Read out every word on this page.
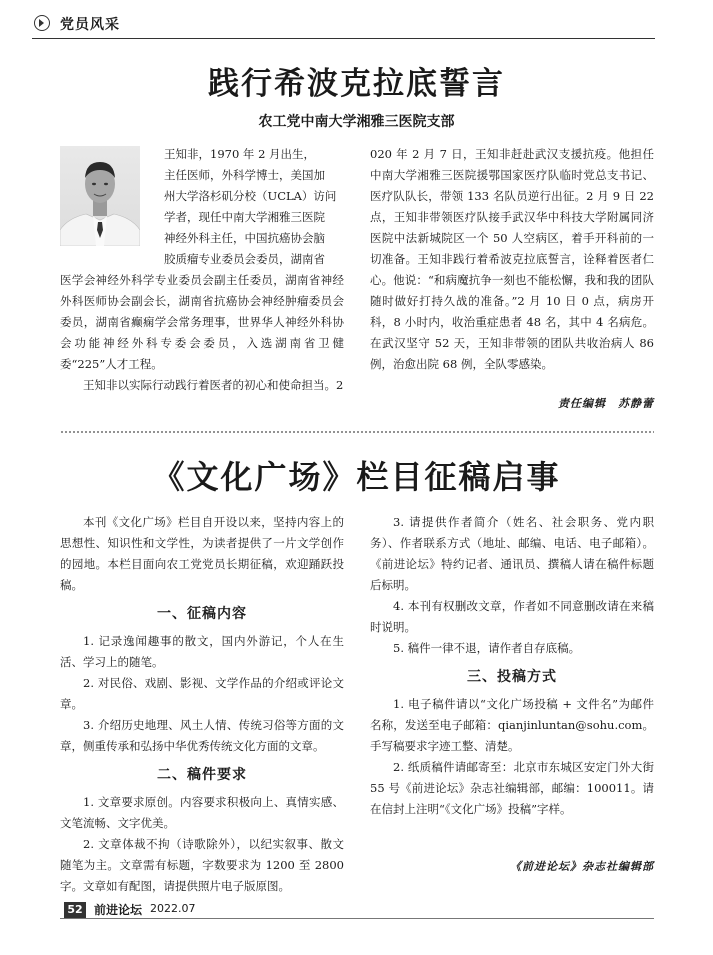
党员风采
践行希波克拉底誓言
农工党中南大学湘雅三医院支部
王知非，1970 年 2 月出生，
主任医师，外科学博士，美国加
州大学洛杉矶分校（UCLA）访问
学者，现任中南大学湘雅三医院
神经外科主任，中国抗癌协会脑
胶质瘤专业委员会委员，湖南省

医学会神经外科学专业委员会副主任委员，湖南省神经外科医师协会副会长，湖南省抗癌协会神经肿瘤委员会委员，湖南省癫痫学会常务理事，世界华人神经外科协会功能神经外科专委会委员，入选湖南省卫健委“225”人才工程。

王知非以实际行动践行着医者的初心和使命担当。2

020 年 2 月 7 日，王知非赶赴武汉支援抗疫。他担任中南大学湘雅三医院援鄂国家医疗队临时党总支书记、医疗队队长，带领 133 名队员逆行出征。2 月 9 日 22 点，王知非带领医疗队接手武汉华中科技大学附属同济医院中法新城院区一个 50 人空病区，着手开科前的一切准备。王知非践行着希波克拉底誓言，诠释着医者仁心。他说：“和病魔抗争一刻也不能松懈，我和我的团队随时做好打持久战的准备。”2 月 10 日 0 点，病房开科，8 小时内，收治重症患者 48 名，其中 4 名病危。在武汉坚守 52 天，王知非带领的团队共收治病人 86 例，治愈出院 68 例，全队零感染。

责任编辑　苏静蕾
《文化广场》栏目征稿启事

本刊《文化广场》栏目自开设以来，坚持内容上的思想性、知识性和文学性，为读者提供了一片文学创作的园地。本栏目面向农工党党员长期征稿，欢迎踊跃投稿。

一、征稿内容

1. 记录逸闻趣事的散文，国内外游记，个人在生活、学习上的随笔。

2. 对民俗、戏剧、影视、文学作品的介绍或评论文章。

3. 介绍历史地理、风土人情、传统习俗等方面的文章，侧重传承和弘扬中华优秀传统文化方面的文章。

二、稿件要求

1. 文章要求原创。内容要求积极向上、真情实感、文笔流畅、文字优美。

2. 文章体裁不拘（诗歌除外），以纪实叙事、散文随笔为主。文章需有标题，字数要求为 1200 至 2800 字。文章如有配图，请提供照片电子版原图。

3. 请提供作者简介（姓名、社会职务、党内职务）、作者联系方式（地址、邮编、电话、电子邮箱）。《前进论坛》特约记者、通讯员、撰稿人请在稿件标题后标明。

4. 本刊有权删改文章，作者如不同意删改请在来稿时说明。

5. 稿件一律不退，请作者自存底稿。

三、投稿方式

1. 电子稿件请以“文化广场投稿 + 文件名”为邮件名称，发送至电子邮箱：qianjinluntan@sohu.com。手写稿要求字迹工整、清楚。

2. 纸质稿件请邮寄至：北京市东城区安定门外大街 55 号《前进论坛》杂志社编辑部，邮编：100011。请在信封上注明“《文化广场》投稿”字样。

《前进论坛》杂志社编辑部
52 前进论坛 2022.07
